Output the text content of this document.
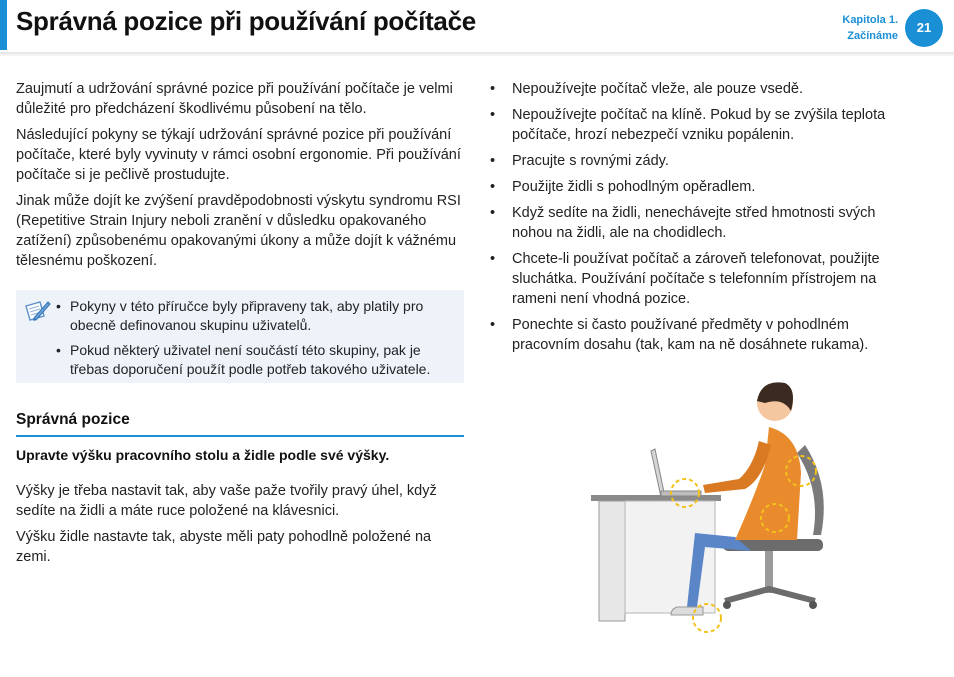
Správná pozice při používání počítače	Kapitola 1.
Začínáme
21

Zaujmutí a udržování správné pozice při používání počítače je velmi důležité pro předcházení škodlivému působení na tělo.

Následující pokyny se týkají udržování správné pozice při používání počítače, které byly vyvinuty v rámci osobní ergonomie. Při používání počítače si je pečlivě prostudujte.

Jinak může dojít ke zvýšení pravděpodobnosti výskytu syndromu RSI (Repetitive Strain Injury neboli zranění v důsledku opakovaného zatížení) způsobenému opakovanými úkony a může dojít k vážnému tělesnému poškození.

• Pokyny v této příručce byly připraveny tak, aby platily pro obecně definovanou skupinu uživatelů.
• Pokud některý uživatel není součástí této skupiny, pak je třebas doporučení použít podle potřeb takového uživatele.
Správná pozice
Upravte výšku pracovního stolu a židle podle své výšky.

Výšky je třeba nastavit tak, aby vaše paže tvořily pravý úhel, když sedíte na židli a máte ruce položené na klávesnici.

Výšku židle nastavte tak, abyste měli paty pohodlně položené na zemi.

• Nepoužívejte počítač vleže, ale pouze vsedě.
• Nepoužívejte počítač na klíně. Pokud by se zvýšila teplota počítače, hrozí nebezpečí vzniku popálenin.
• Pracujte s rovnými zády.
• Použijte židli s pohodlným opěradlem.
• Když sedíte na židli, nenechávejte střed hmotnosti svých nohou na židli, ale na chodidlech.
• Chcete-li používat počítač a zároveň telefonovat, použijte sluchátka. Používání počítače s telefonním přístrojem na rameni není vhodná pozice.
• Ponechte si často používané předměty v pohodlném pracovním dosahu (tak, kam na ně dosáhnete rukama).
